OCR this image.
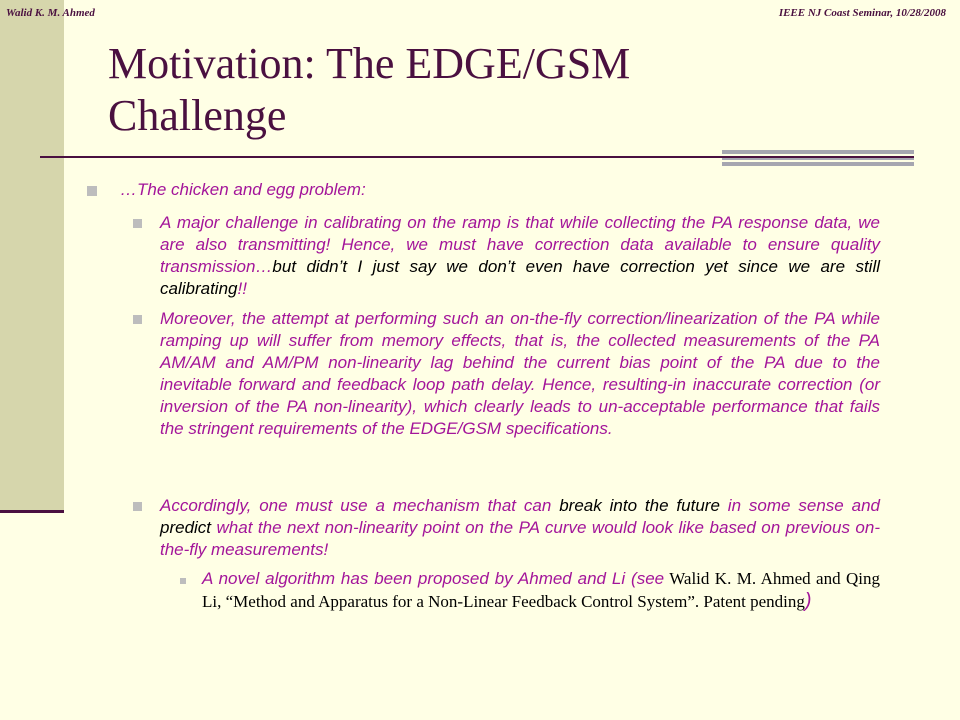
Walid K. M. Ahmed	IEEE NJ Coast Seminar, 10/28/2008
Motivation: The EDGE/GSM
Challenge
…The chicken and egg problem:

A major challenge in calibrating on the ramp is that while collecting the PA response data, we are also transmitting! Hence, we must have correction data available to ensure quality transmission…but didn’t I just say we don’t even have correction yet since we are still calibrating!!

Moreover, the attempt at performing such an on-the-fly correction/linearization of the PA while ramping up will suffer from memory effects, that is, the collected measurements of the PA AM/AM and AM/PM non-linearity lag behind the current bias point of the PA due to the inevitable forward and feedback loop path delay. Hence, resulting-in inaccurate correction (or inversion of the PA non-linearity), which clearly leads to un-acceptable performance that fails the stringent requirements of the EDGE/GSM specifications.

Accordingly, one must use a mechanism that can break into the future in some sense and predict what the next non-linearity point on the PA curve would look like based on previous on-the-fly measurements!

A novel algorithm has been proposed by Ahmed and Li (see Walid K. M. Ahmed and Qing Li, “Method and Apparatus for a Non-Linear Feedback Control System”. Patent pending)
